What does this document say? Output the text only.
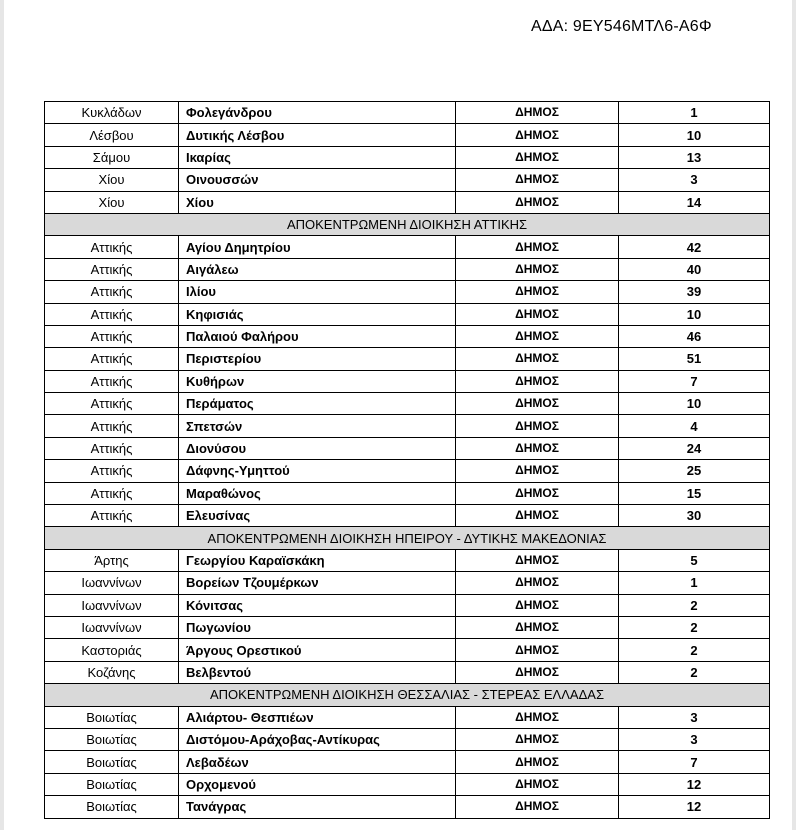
ΑΔΑ: 9ΕΥ546ΜΤΛ6-Α6Φ
Κυκλάδων	Φολεγάνδρου	ΔΗΜΟΣ	1
Λέσβου	Δυτικής Λέσβου	ΔΗΜΟΣ	10
Σάμου	Ικαρίας	ΔΗΜΟΣ	13
Χίου	Οινουσσών	ΔΗΜΟΣ	3
Χίου	Χίου	ΔΗΜΟΣ	14
ΑΠΟΚΕΝΤΡΩΜΕΝΗ ΔΙΟΙΚΗΣΗ ΑΤΤΙΚΗΣ			
Αττικής	Αγίου Δημητρίου	ΔΗΜΟΣ	42
Αττικής	Αιγάλεω	ΔΗΜΟΣ	40
Αττικής	Ιλίου	ΔΗΜΟΣ	39
Αττικής	Κηφισιάς	ΔΗΜΟΣ	10
Αττικής	Παλαιού Φαλήρου	ΔΗΜΟΣ	46
Αττικής	Περιστερίου	ΔΗΜΟΣ	51
Αττικής	Κυθήρων	ΔΗΜΟΣ	7
Αττικής	Περάματος	ΔΗΜΟΣ	10
Αττικής	Σπετσών	ΔΗΜΟΣ	4
Αττικής	Διονύσου	ΔΗΜΟΣ	24
Αττικής	Δάφνης-Υμηττού	ΔΗΜΟΣ	25
Αττικής	Μαραθώνος	ΔΗΜΟΣ	15
Αττικής	Ελευσίνας	ΔΗΜΟΣ	30
ΑΠΟΚΕΝΤΡΩΜΕΝΗ ΔΙΟΙΚΗΣΗ ΗΠΕΙΡΟΥ - ΔΥΤΙΚΗΣ ΜΑΚΕΔΟΝΙΑΣ			
Άρτης	Γεωργίου Καραϊσκάκη	ΔΗΜΟΣ	5
Ιωαννίνων	Βορείων Τζουμέρκων	ΔΗΜΟΣ	1
Ιωαννίνων	Κόνιτσας	ΔΗΜΟΣ	2
Ιωαννίνων	Πωγωνίου	ΔΗΜΟΣ	2
Καστοριάς	Άργους Ορεστικού	ΔΗΜΟΣ	2
Κοζάνης	Βελβεντού	ΔΗΜΟΣ	2
ΑΠΟΚΕΝΤΡΩΜΕΝΗ ΔΙΟΙΚΗΣΗ ΘΕΣΣΑΛΙΑΣ - ΣΤΕΡΕΑΣ ΕΛΛΑΔΑΣ			
Βοιωτίας	Αλιάρτου- Θεσπιέων	ΔΗΜΟΣ	3
Βοιωτίας	Διστόμου-Αράχοβας-Αντίκυρας	ΔΗΜΟΣ	3
Βοιωτίας	Λεβαδέων	ΔΗΜΟΣ	7
Βοιωτίας	Ορχομενού	ΔΗΜΟΣ	12
Βοιωτίας	Τανάγρας	ΔΗΜΟΣ	12
